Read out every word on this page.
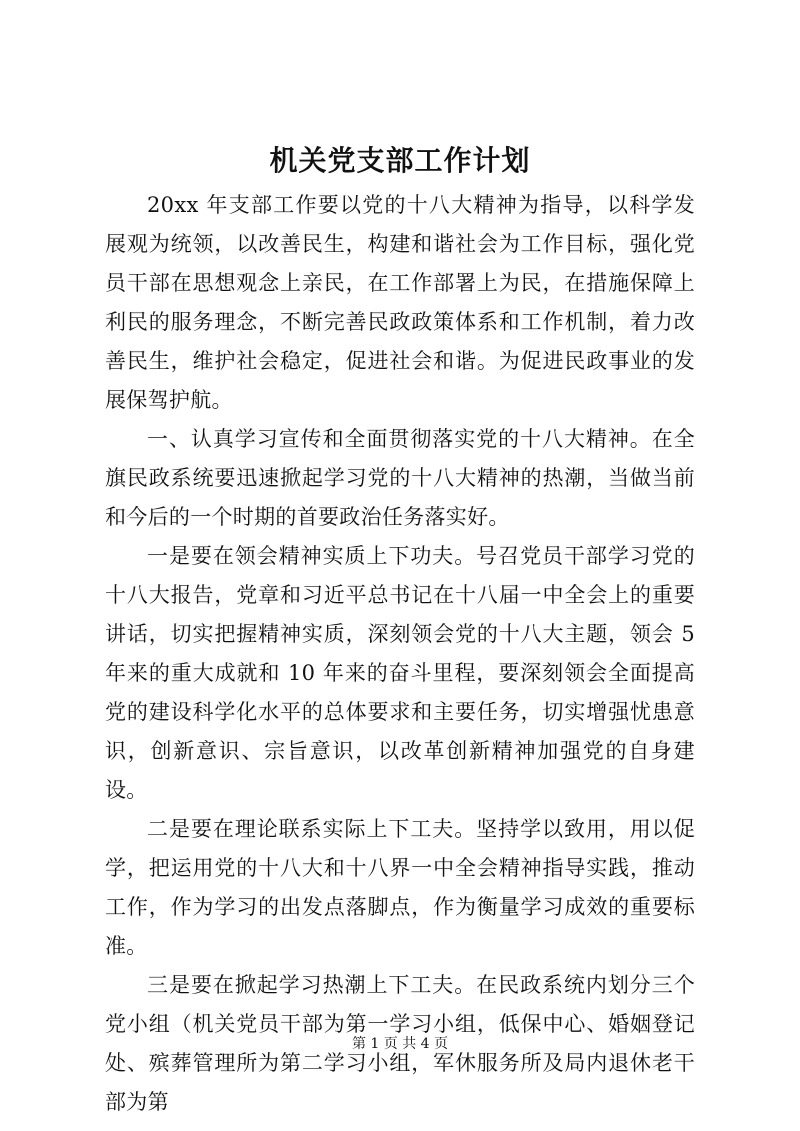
机关党支部工作计划

20xx 年支部工作要以党的十八大精神为指导，以科学发展观为统领，以改善民生，构建和谐社会为工作目标，强化党员干部在思想观念上亲民，在工作部署上为民，在措施保障上利民的服务理念，不断完善民政政策体系和工作机制，着力改善民生，维护社会稳定，促进社会和谐。为促进民政事业的发展保驾护航。

一、认真学习宣传和全面贯彻落实党的十八大精神。在全旗民政系统要迅速掀起学习党的十八大精神的热潮，当做当前和今后的一个时期的首要政治任务落实好。

一是要在领会精神实质上下功夫。号召党员干部学习党的十八大报告，党章和习近平总书记在十八届一中全会上的重要讲话，切实把握精神实质，深刻领会党的十八大主题，领会 5 年来的重大成就和 10 年来的奋斗里程，要深刻领会全面提高党的建设科学化水平的总体要求和主要任务，切实增强忧患意识，创新意识、宗旨意识，以改革创新精神加强党的自身建设。

二是要在理论联系实际上下工夫。坚持学以致用，用以促学，把运用党的十八大和十八界一中全会精神指导实践，推动工作，作为学习的出发点落脚点，作为衡量学习成效的重要标准。

三是要在掀起学习热潮上下工夫。在民政系统内划分三个党小组（机关党员干部为第一学习小组，低保中心、婚姻登记处、殡葬管理所为第二学习小组，军休服务所及局内退休老干部为第

第 1 页 共 4 页
